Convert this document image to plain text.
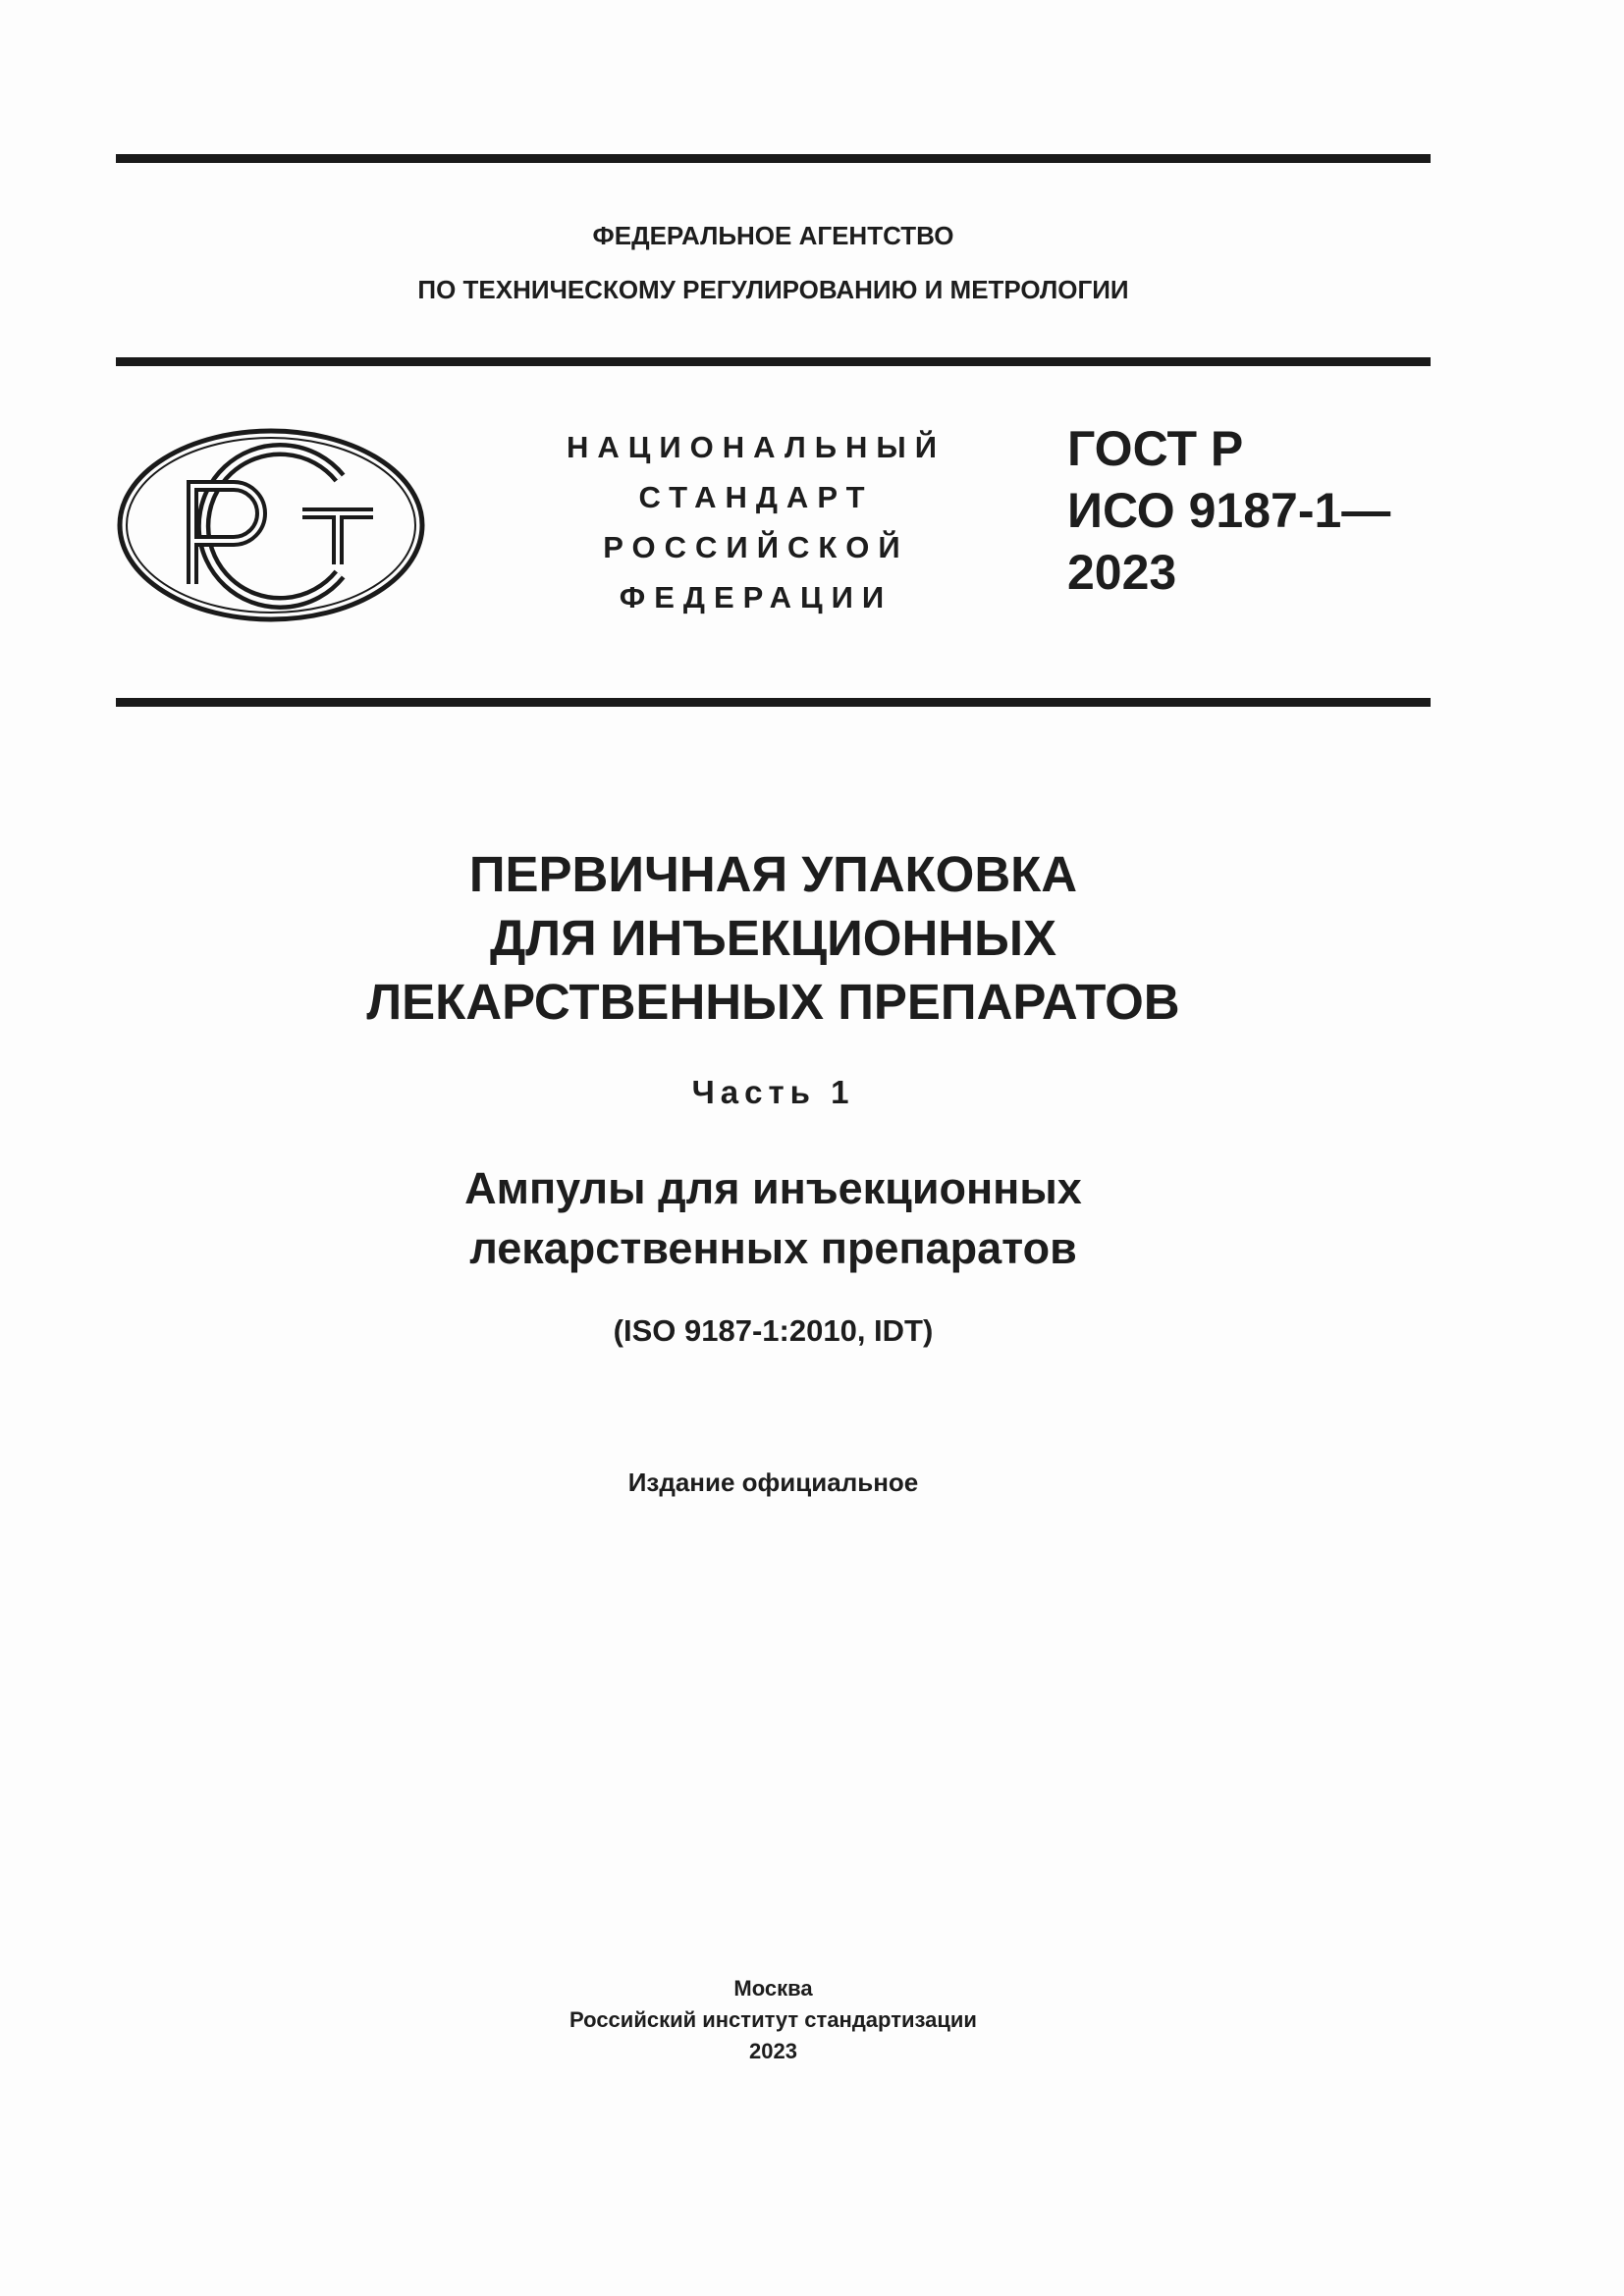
ФЕДЕРАЛЬНОЕ АГЕНТСТВО
ПО ТЕХНИЧЕСКОМУ РЕГУЛИРОВАНИЮ И МЕТРОЛОГИИ
НАЦИОНАЛЬНЫЙ
СТАНДАРТ
РОССИЙСКОЙ
ФЕДЕРАЦИИ
ГОСТ Р
ИСО 9187-1—
2023
ПЕРВИЧНАЯ УПАКОВКА
ДЛЯ ИНЪЕКЦИОННЫХ
ЛЕКАРСТВЕННЫХ ПРЕПАРАТОВ
Часть 1
Ампулы для инъекционных
лекарственных препаратов
(ISO 9187-1:2010, IDT)
Издание официальное
Москва
Российский институт стандартизации
2023
